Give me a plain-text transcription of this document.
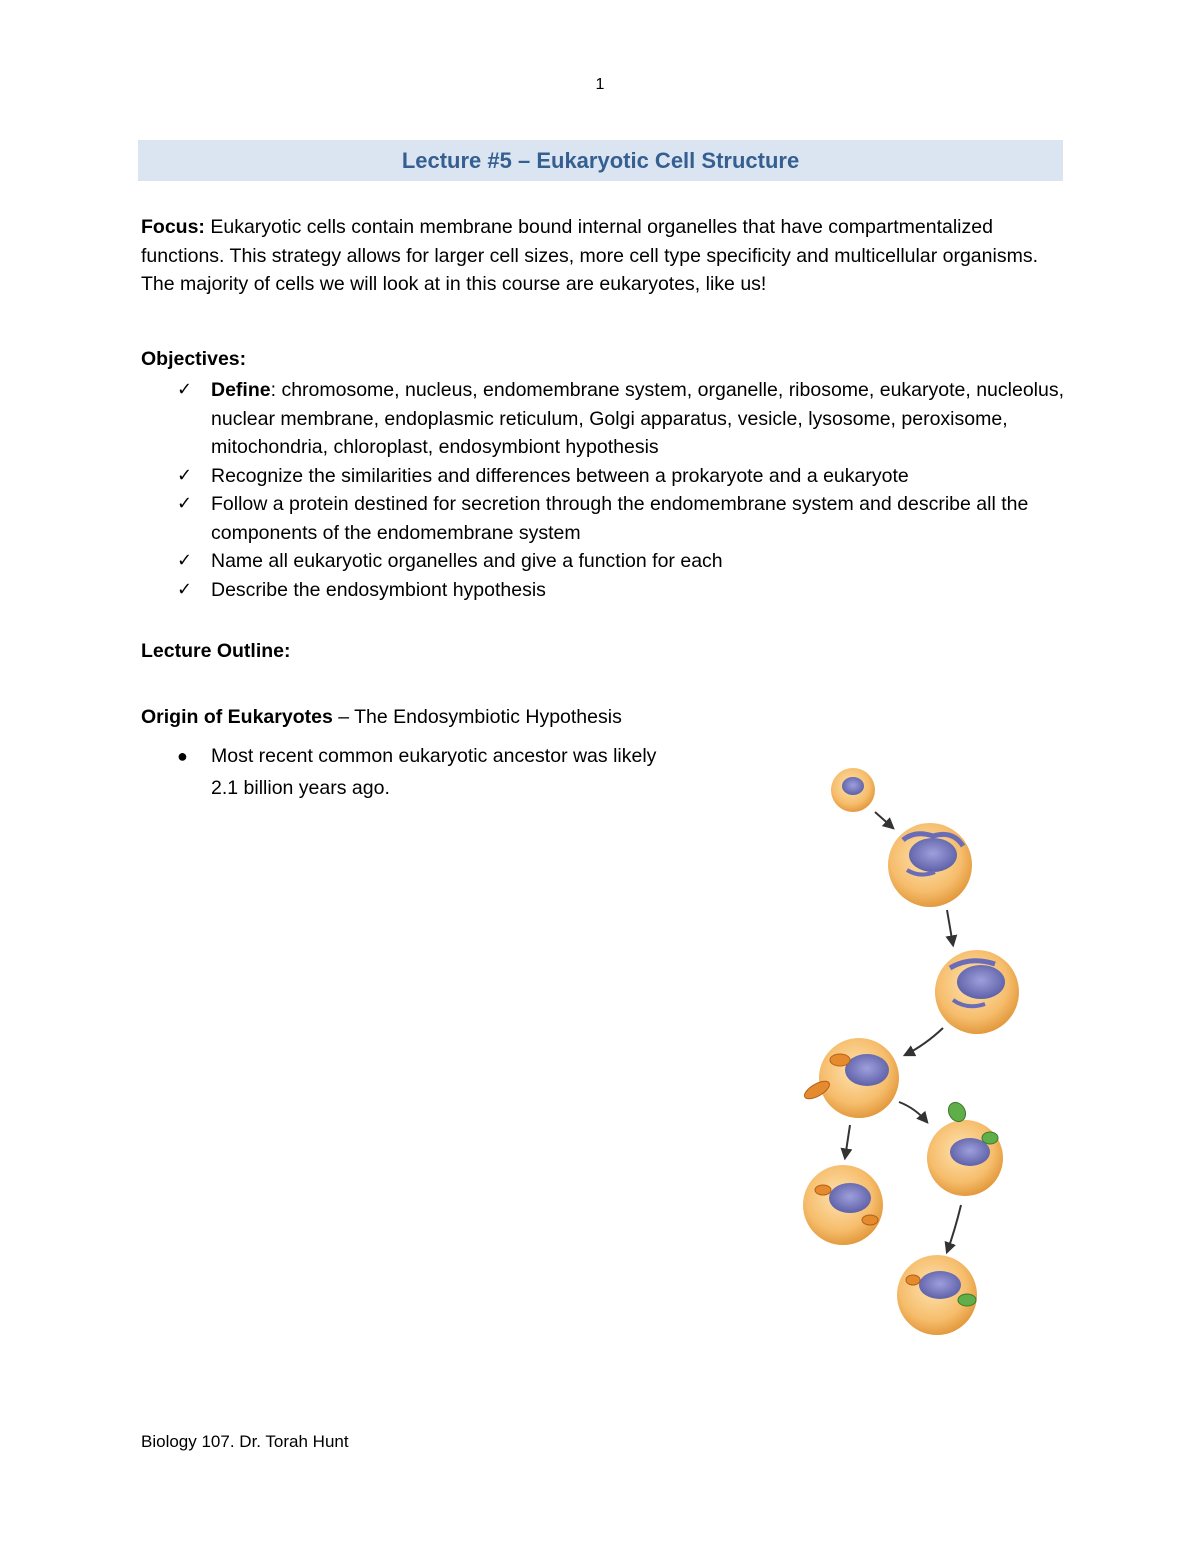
1
Lecture #5 – Eukaryotic Cell Structure
Focus: Eukaryotic cells contain membrane bound internal organelles that have compartmentalized functions. This strategy allows for larger cell sizes, more cell type specificity and multicellular organisms. The majority of cells we will look at in this course are eukaryotes, like us!
Objectives:
✓ Define: chromosome, nucleus, endomembrane system, organelle, ribosome, eukaryote, nucleolus, nuclear membrane, endoplasmic reticulum, Golgi apparatus, vesicle, lysosome, peroxisome, mitochondria, chloroplast, endosymbiont hypothesis
✓ Recognize the similarities and differences between a prokaryote and a eukaryote
✓ Follow a protein destined for secretion through the endomembrane system and describe all the components of the endomembrane system
✓ Name all eukaryotic organelles and give a function for each
✓ Describe the endosymbiont hypothesis
Lecture Outline:
Origin of Eukaryotes – The Endosymbiotic Hypothesis
● Most recent common eukaryotic ancestor was likely
2.1 billion years ago.
Biology 107. Dr. Torah Hunt
